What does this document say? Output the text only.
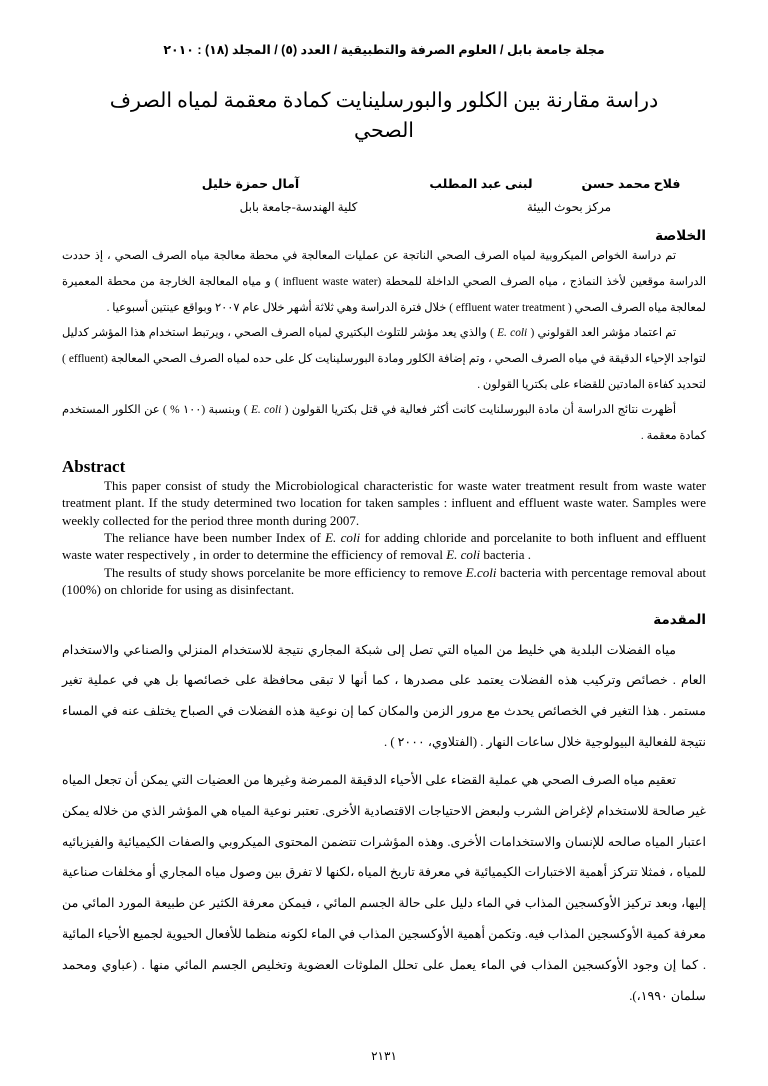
مجلة جامعة بابل / العلوم الصرفة والتطبيقية / العدد (٥) / المجلد (١٨) : ٢٠١٠
دراسة مقارنة بين الكلور والبورسلينايت كمادة معقمة لمياه الصرف الصحي
فلاح محمد حسن
لبنى عبد المطلب
آمال حمزة خليل
مركز بحوث البيئة
كلية الهندسة-جامعة بابل
الخلاصة
تم دراسة الخواص الميكروبية لمياه الصرف الصحي الناتجة عن عمليات المعالجة في محطة معالجة مياه الصرف الصحي ، إذ حددت الدراسة موقعين لأخذ النماذج ، مياه الصرف الصحي الداخلة للمحطة (influent waste water ) و مياه المعالجة الخارجة من محطة المعميرة لمعالجة مياه الصرف الصحي ( effluent water treatment ) خلال فترة الدراسة وهي ثلاثة أشهر خلال عام ٢٠٠٧ وبواقع عينتين أسبوعيا .
تم اعتماد مؤشر العد القولوني ( E. coli ) والذي يعد مؤشر للتلوث البكتيري لمياه الصرف الصحي ، ويرتبط استخدام هذا المؤشر كدليل لتواجد الإحياء الدقيقة في مياه الصرف الصحي ، وتم إضافة الكلور ومادة البورسلينايت كل على حده لمياه الصرف الصحي المعالجة (effluent ) لتحديد كفاءة المادتين للقضاء على بكتريا القولون .
أظهرت نتائج الدراسة أن مادة البورسلنايت كانت أكثر فعالية في قتل بكتريا القولون ( E. coli ) وبنسبة (١٠٠ % ) عن الكلور المستخدم كمادة معقمة .
Abstract
This paper consist of study the Microbiological characteristic for waste water treatment result from waste water treatment plant. If the study determined two location for taken samples : influent and effluent waste water. Samples were weekly collected for the period three month during 2007.
The reliance have been number Index of E. coli for adding chloride and porcelanite to both influent and effluent waste water respectively , in order to determine the efficiency of removal E. coli bacteria .
The results of study shows porcelanite be more efficiency to remove E.coli bacteria with percentage removal about (100%) on chloride for using as disinfectant.
المقدمة
مياه الفضلات البلدية هي خليط من المياه التي تصل إلى شبكة المجاري نتيجة للاستخدام المنزلي والصناعي والاستخدام العام . خصائص وتركيب هذه الفضلات يعتمد على مصدرها ، كما أنها لا تبقى محافظة على خصائصها بل هي في عملية تغير مستمر . هذا التغير في الخصائص يحدث مع مرور الزمن والمكان كما إن نوعية هذه الفضلات في الصباح يختلف عنه في المساء نتيجة للفعالية البيولوجية خلال ساعات النهار . (الفتلاوي، ٢٠٠٠ ) .
تعقيم مياه الصرف الصحي هي عملية القضاء على الأحياء الدقيقة الممرضة وغيرها من العضيات التي يمكن أن تجعل المياه غير صالحة للاستخدام لإغراض الشرب ولبعض الاحتياجات الاقتصادية الأخرى. تعتبر نوعية المياه هي المؤشر الذي من خلاله يمكن اعتبار المياه صالحه للإنسان والاستخدامات الأخرى. وهذه المؤشرات تتضمن المحتوى الميكروبي والصفات الكيميائية والفيزيائيه للمياه ، فمثلا تتركز أهمية الاختبارات الكيميائية في معرفة تاريخ المياه ،لكنها لا تفرق بين وصول مياه المجاري أو مخلفات صناعية إليها، وبعد تركيز الأوكسجين المذاب في الماء دليل على حالة الجسم المائي ، فيمكن معرفة الكثير عن طبيعة المورد المائي من معرفة كمية الأوكسجين المذاب فيه. وتكمن أهمية الأوكسجين المذاب في الماء لكونه منظما للأفعال الحيوية لجميع الأحياء المائية . كما إن وجود الأوكسجين المذاب في الماء يعمل على تحلل الملوثات العضوية وتخليص الجسم المائي منها . (عباوي ومحمد سلمان ١٩٩٠،).
٢١٣١
